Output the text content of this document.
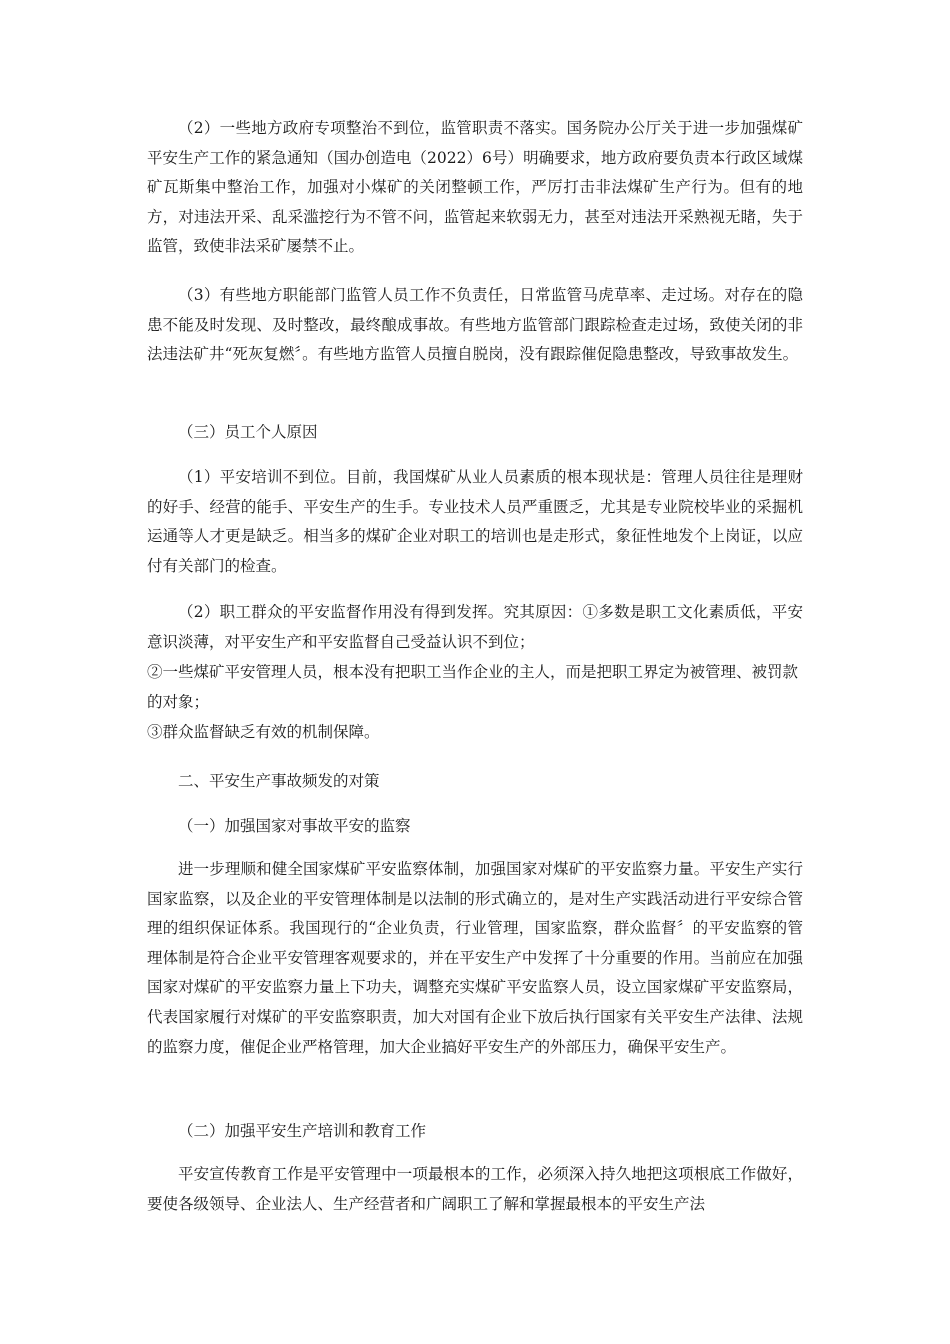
（2）一些地方政府专项整治不到位，监管职责不落实。国务院办公厅关于进一步加强煤矿平安生产工作的紧急通知（国办创造电（2022）6号）明确要求，地方政府要负责本行政区域煤矿瓦斯集中整治工作，加强对小煤矿的关闭整顿工作，严厉打击非法煤矿生产行为。但有的地方，对违法开采、乱采滥挖行为不管不问，监管起来软弱无力，甚至对违法开采熟视无睹，失于监管，致使非法采矿屡禁不止。

（3）有些地方职能部门监管人员工作不负责任，日常监管马虎草率、走过场。对存在的隐患不能及时发现、及时整改，最终酿成事故。有些地方监管部门跟踪检查走过场，致使关闭的非法违法矿井“死灰复燃〞。有些地方监管人员擅自脱岗，没有跟踪催促隐患整改，导致事故发生。

（三）员工个人原因

（1）平安培训不到位。目前，我国煤矿从业人员素质的根本现状是：管理人员往往是理财的好手、经营的能手、平安生产的生手。专业技术人员严重匮乏，尤其是专业院校毕业的采掘机运通等人才更是缺乏。相当多的煤矿企业对职工的培训也是走形式，象征性地发个上岗证，以应付有关部门的检查。

（2）职工群众的平安监督作用没有得到发挥。究其原因：①多数是职工文化素质低，平安意识淡薄，对平安生产和平安监督自己受益认识不到位；

②一些煤矿平安管理人员，根本没有把职工当作企业的主人，而是把职工界定为被管理、被罚款的对象；

③群众监督缺乏有效的机制保障。

二、平安生产事故频发的对策

（一）加强国家对事故平安的监察

进一步理顺和健全国家煤矿平安监察体制，加强国家对煤矿的平安监察力量。平安生产实行国家监察，以及企业的平安管理体制是以法制的形式确立的，是对生产实践活动进行平安综合管理的组织保证体系。我国现行的“企业负责，行业管理，国家监察，群众监督〞的平安监察的管理体制是符合企业平安管理客观要求的，并在平安生产中发挥了十分重要的作用。当前应在加强国家对煤矿的平安监察力量上下功夫，调整充实煤矿平安监察人员，设立国家煤矿平安监察局，代表国家履行对煤矿的平安监察职责，加大对国有企业下放后执行国家有关平安生产法律、法规的监察力度，催促企业严格管理，加大企业搞好平安生产的外部压力，确保平安生产。

（二）加强平安生产培训和教育工作

平安宣传教育工作是平安管理中一项最根本的工作，必须深入持久地把这项根底工作做好，要使各级领导、企业法人、生产经营者和广阔职工了解和掌握最根本的平安生产法
